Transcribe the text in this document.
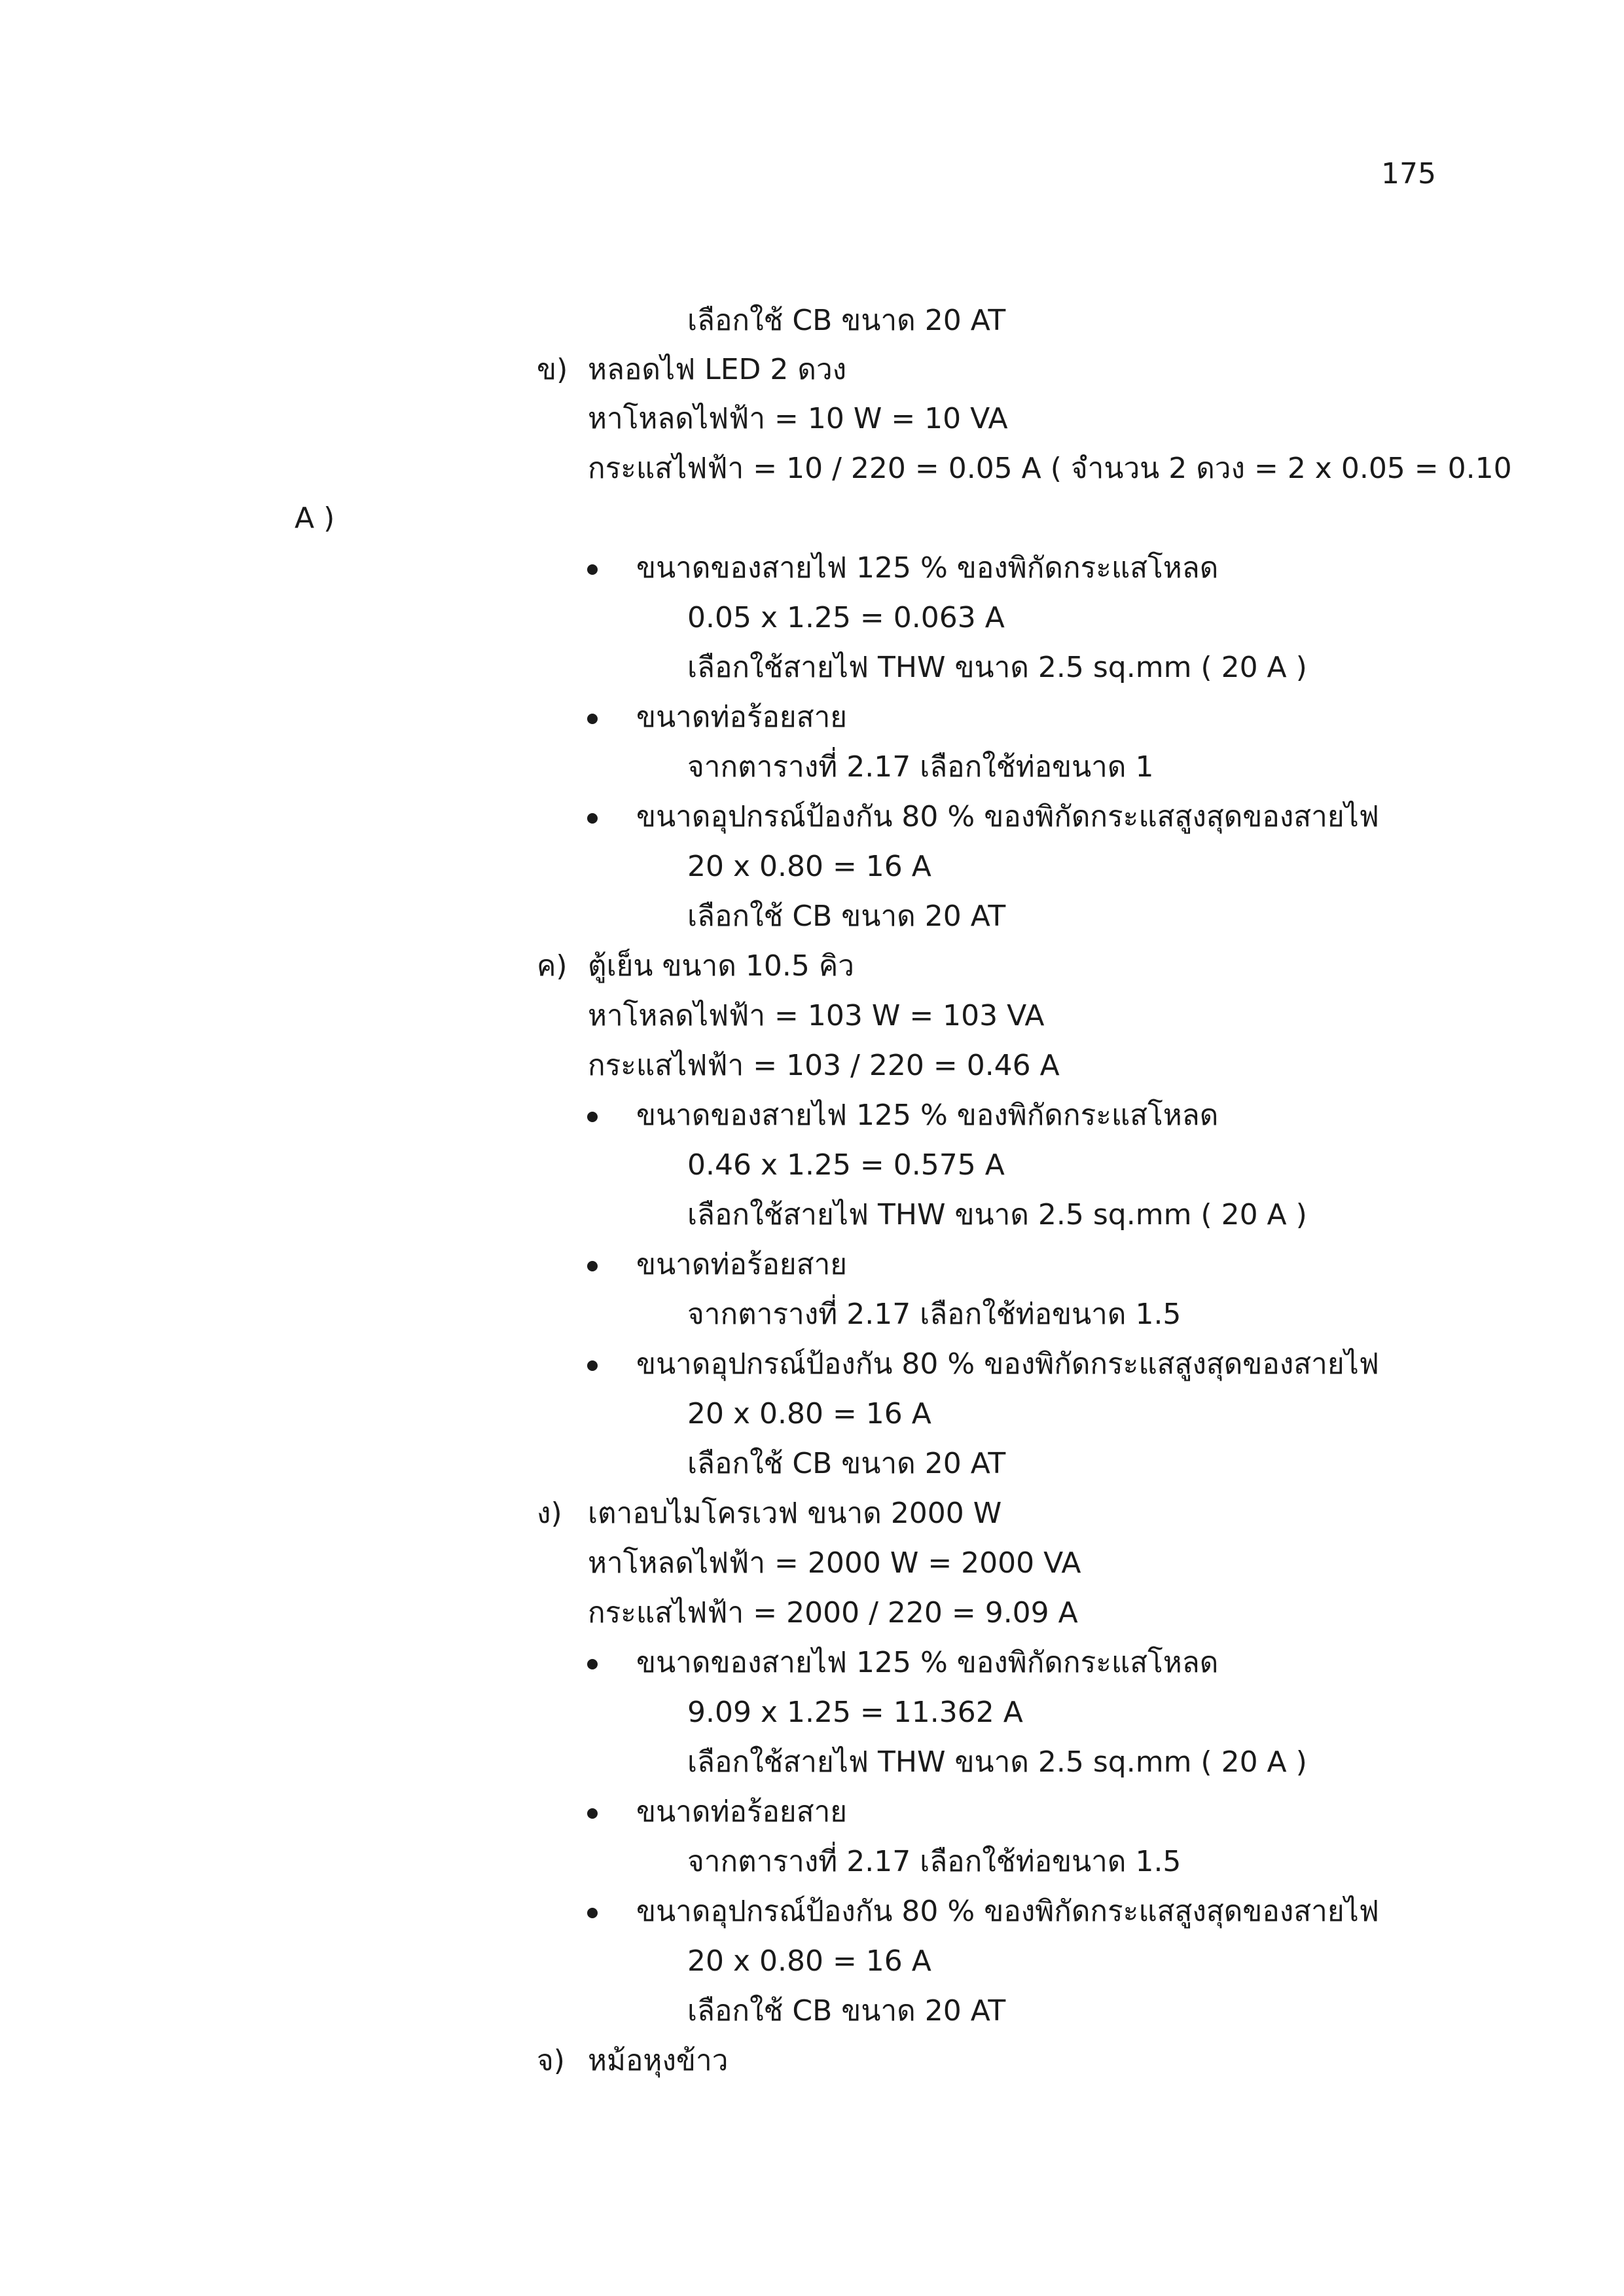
175
เลือกใช้ CB ขนาด 20 AT
ข) หลอดไฟ LED 2 ดวง
หาโหลดไฟฟ้า = 10 W = 10 VA
กระแสไฟฟ้า = 10 / 220 = 0.05 A ( จำนวน 2 ดวง = 2 x 0.05 = 0.10
A )
ขนาดของสายไฟ 125 % ของพิกัดกระแสโหลด
0.05 x 1.25 = 0.063 A
เลือกใช้สายไฟ THW ขนาด 2.5 sq.mm ( 20 A )
ขนาดท่อร้อยสาย
จากตารางที่ 2.17 เลือกใช้ท่อขนาด 1
ขนาดอุปกรณ์ป้องกัน 80 % ของพิกัดกระแสสูงสุดของสายไฟ
20 x 0.80 = 16 A
เลือกใช้ CB ขนาด 20 AT
ค) ตู้เย็น ขนาด 10.5 คิว
หาโหลดไฟฟ้า = 103 W = 103 VA
กระแสไฟฟ้า = 103 / 220 = 0.46 A
ขนาดของสายไฟ 125 % ของพิกัดกระแสโหลด
0.46 x 1.25 = 0.575 A
เลือกใช้สายไฟ THW ขนาด 2.5 sq.mm ( 20 A )
ขนาดท่อร้อยสาย
จากตารางที่ 2.17 เลือกใช้ท่อขนาด 1.5
ขนาดอุปกรณ์ป้องกัน 80 % ของพิกัดกระแสสูงสุดของสายไฟ
20 x 0.80 = 16 A
เลือกใช้ CB ขนาด 20 AT
ง) เตาอบไมโครเวฟ ขนาด 2000 W
หาโหลดไฟฟ้า = 2000 W = 2000 VA
กระแสไฟฟ้า = 2000 / 220 = 9.09 A
ขนาดของสายไฟ 125 % ของพิกัดกระแสโหลด
9.09 x 1.25 = 11.362 A
เลือกใช้สายไฟ THW ขนาด 2.5 sq.mm ( 20 A )
ขนาดท่อร้อยสาย
จากตารางที่ 2.17 เลือกใช้ท่อขนาด 1.5
ขนาดอุปกรณ์ป้องกัน 80 % ของพิกัดกระแสสูงสุดของสายไฟ
20 x 0.80 = 16 A
เลือกใช้ CB ขนาด 20 AT
จ) หม้อหุงข้าว
